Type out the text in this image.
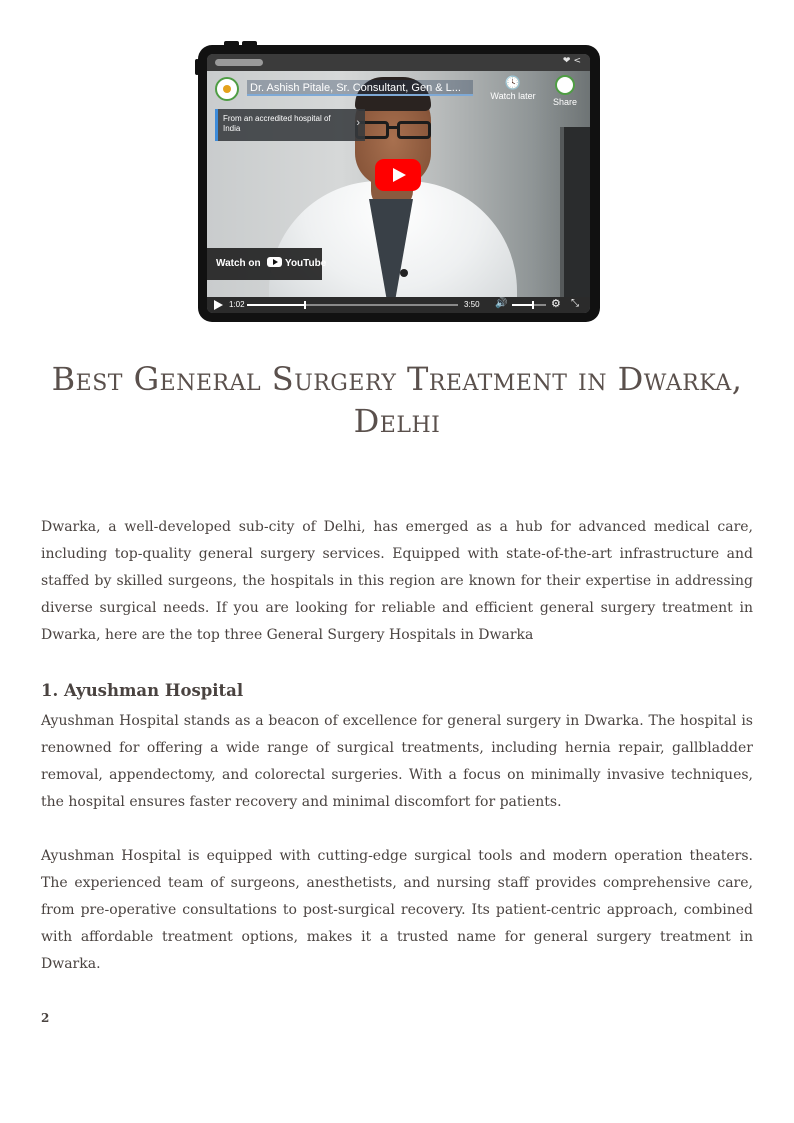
❤<
Dr. Ashish Pitale, Sr. Consultant, Gen & L...	🕓
Watch later

Share
From an accredited hospital of India	›
Watch on YouTube
1:02	3:50 🔊	⚙ ⤡
Best General Surgery Treatment in Dwarka, Delhi

Dwarka, a well-developed sub-city of Delhi, has emerged as a hub for advanced medical care, including top-quality general surgery services. Equipped with state-of-the-art infrastructure and staffed by skilled surgeons, the hospitals in this region are known for their expertise in addressing diverse surgical needs. If you are looking for reliable and efficient general surgery treatment in Dwarka, here are the top three General Surgery Hospitals in Dwarka

1. Ayushman Hospital

Ayushman Hospital stands as a beacon of excellence for general surgery in Dwarka. The hospital is renowned for offering a wide range of surgical treatments, including hernia repair, gallbladder removal, appendectomy, and colorectal surgeries. With a focus on minimally invasive techniques, the hospital ensures faster recovery and minimal discomfort for patients.

Ayushman Hospital is equipped with cutting-edge surgical tools and modern operation theaters. The experienced team of surgeons, anesthetists, and nursing staff provides comprehensive care, from pre-operative consultations to post-surgical recovery. Its patient-centric approach, combined with affordable treatment options, makes it a trusted name for general surgery treatment in Dwarka.

2
